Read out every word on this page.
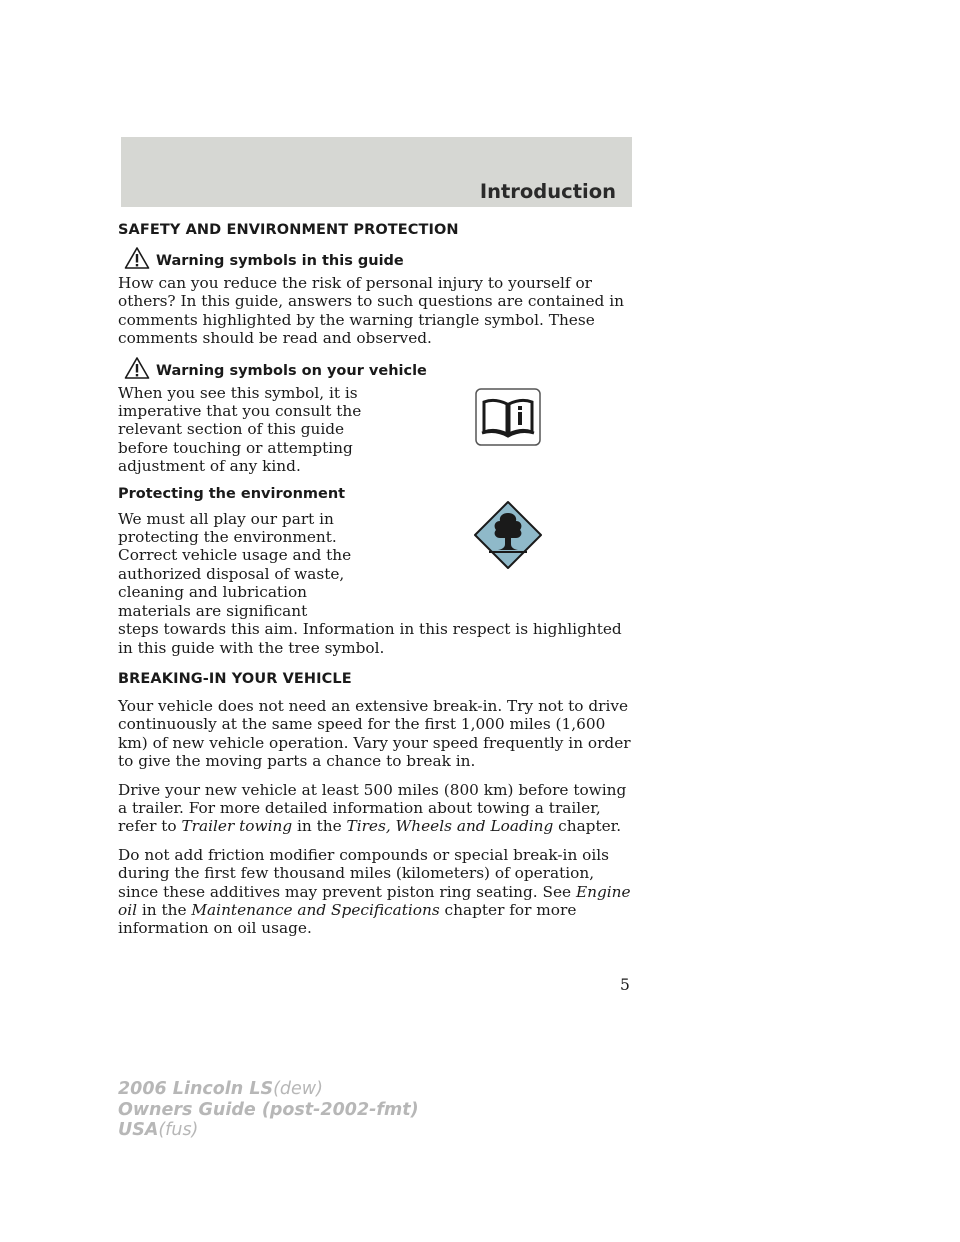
Introduction
SAFETY AND ENVIRONMENT PROTECTION
Warning symbols in this guide

How can you reduce the risk of personal injury to yourself or others? In this guide, answers to such questions are contained in comments highlighted by the warning triangle symbol. These comments should be read and observed.

Warning symbols on your vehicle

When you see this symbol, it is imperative that you consult the relevant section of this guide before touching or attempting adjustment of any kind.

Protecting the environment

We must all play our part in protecting the environment. Correct vehicle usage and the authorized disposal of waste, cleaning and lubrication materials are significant

steps towards this aim. Information in this respect is highlighted in this guide with the tree symbol.

BREAKING-IN YOUR VEHICLE

Your vehicle does not need an extensive break-in. Try not to drive continuously at the same speed for the first 1,000 miles (1,600 km) of new vehicle operation. Vary your speed frequently in order to give the moving parts a chance to break in.

Drive your new vehicle at least 500 miles (800 km) before towing a trailer. For more detailed information about towing a trailer, refer to Trailer towing in the Tires, Wheels and Loading chapter.

Do not add friction modifier compounds or special break-in oils during the first few thousand miles (kilometers) of operation, since these additives may prevent piston ring seating. See Engine oil in the Maintenance and Specifications chapter for more information on oil usage.

5
2006 Lincoln LS(dew)
Owners Guide (post-2002-fmt)
USA(fus)
